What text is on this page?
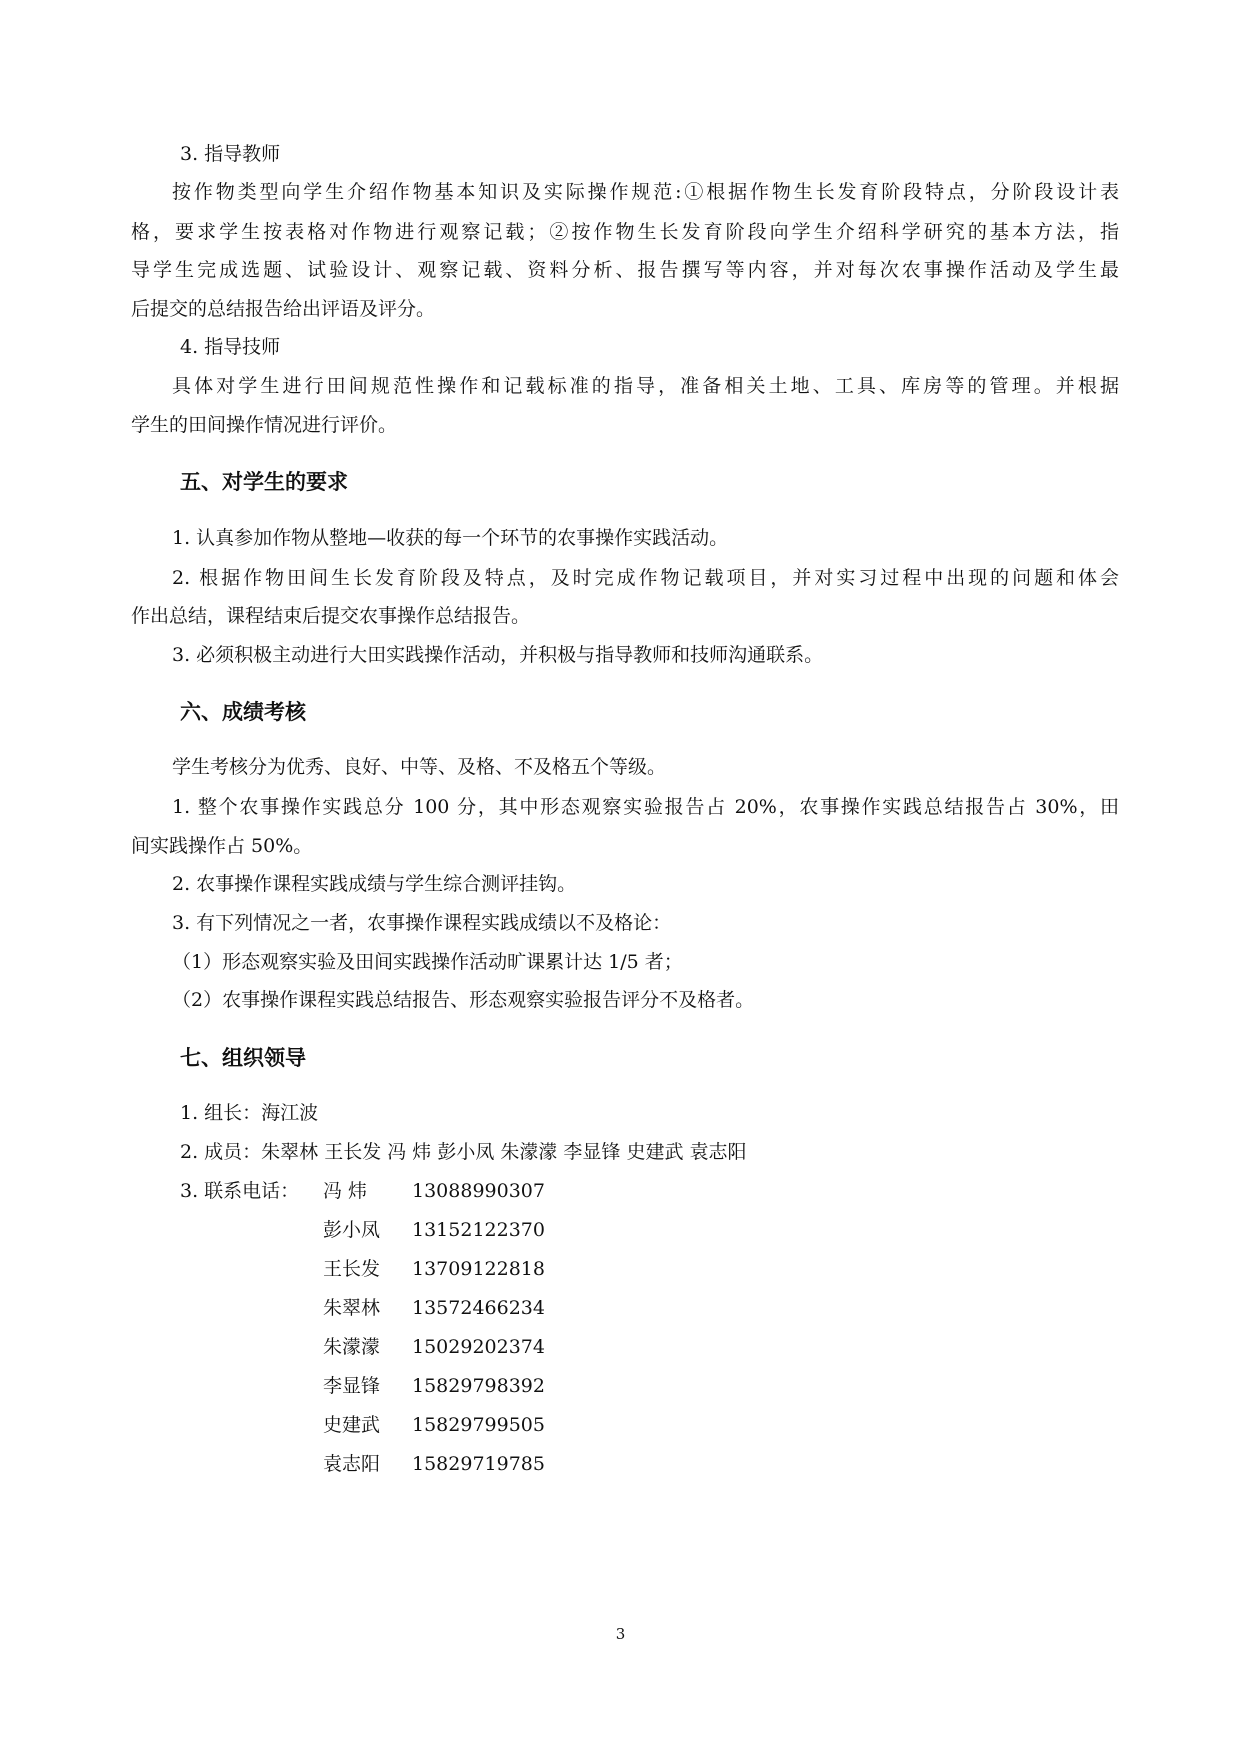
3. 指导教师
按作物类型向学生介绍作物基本知识及实际操作规范:①根据作物生长发育阶段特点，分阶段设计表
格，要求学生按表格对作物进行观察记载；②按作物生长发育阶段向学生介绍科学研究的基本方法，指
导学生完成选题、试验设计、观察记载、资料分析、报告撰写等内容，并对每次农事操作活动及学生最
后提交的总结报告给出评语及评分。
4. 指导技师
具体对学生进行田间规范性操作和记载标准的指导，准备相关土地、工具、库房等的管理。并根据
学生的田间操作情况进行评价。
五、对学生的要求
1. 认真参加作物从整地—收获的每一个环节的农事操作实践活动。
2. 根据作物田间生长发育阶段及特点，及时完成作物记载项目，并对实习过程中出现的问题和体会
作出总结，课程结束后提交农事操作总结报告。
3. 必须积极主动进行大田实践操作活动，并积极与指导教师和技师沟通联系。
六、成绩考核
学生考核分为优秀、良好、中等、及格、不及格五个等级。
1. 整个农事操作实践总分 100 分，其中形态观察实验报告占 20%，农事操作实践总结报告占 30%，田
间实践操作占 50%。
2. 农事操作课程实践成绩与学生综合测评挂钩。
3. 有下列情况之一者，农事操作课程实践成绩以不及格论：
（1）形态观察实验及田间实践操作活动旷课累计达 1/5 者；
（2）农事操作课程实践总结报告、形态观察实验报告评分不及格者。
七、组织领导
1. 组长：海江波
2. 成员：朱翠林 王长发 冯 炜 彭小凤 朱濛濛 李显锋 史建武 袁志阳
3. 联系电话： 冯 炜 13088990307
彭小凤 13152122370
王长发 13709122818
朱翠林 13572466234
朱濛濛 15029202374
李显锋 15829798392
史建武 15829799505
袁志阳 15829719785
3
